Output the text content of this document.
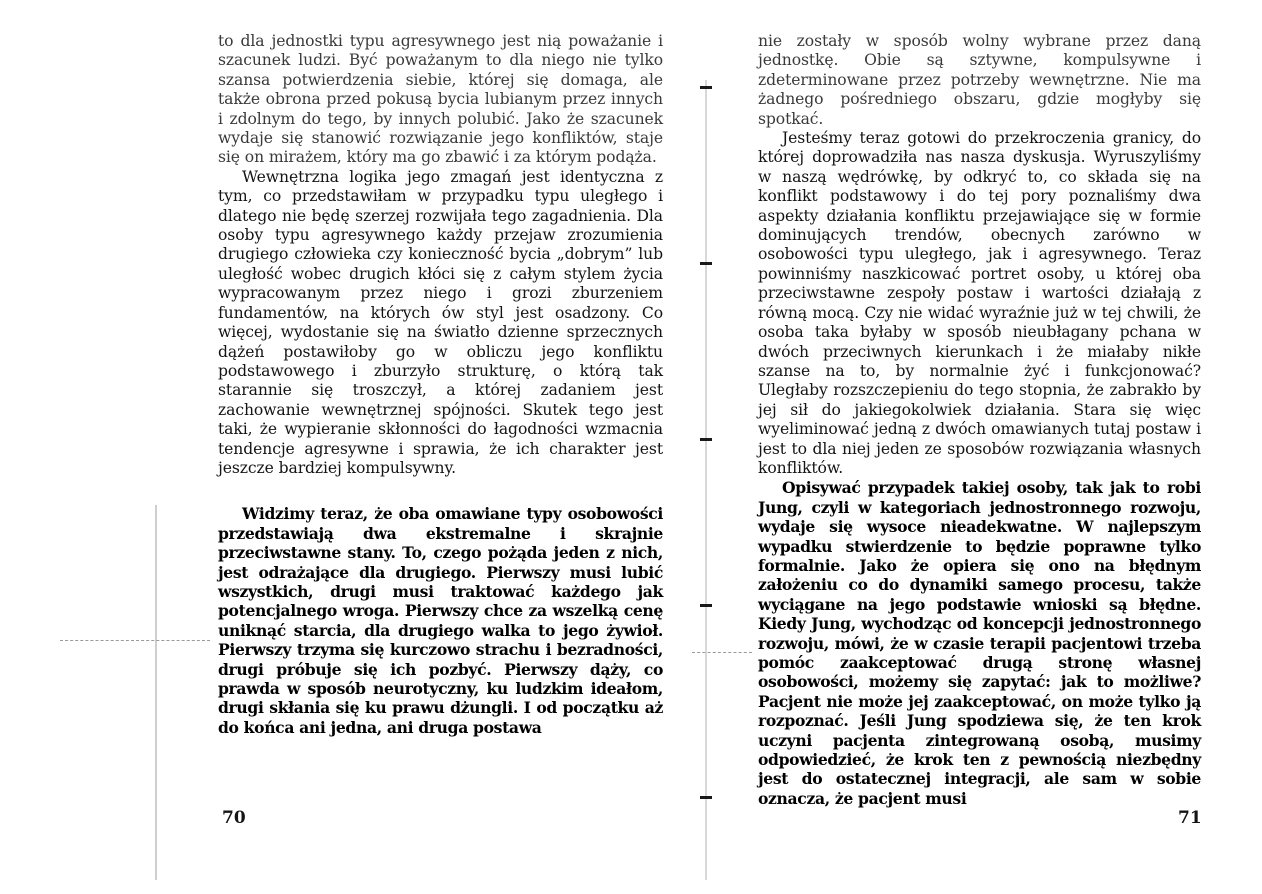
to dla jednostki typu agresywnego jest nią poważanie i szacunek ludzi. Być poważanym to dla niego nie tylko szansa potwierdzenia siebie, której się domaga, ale także obrona przed pokusą bycia lubianym przez innych i zdolnym do tego, by innych polubić. Jako że szacunek wydaje się stanowić rozwiązanie jego konfliktów, staje się on mirażem, który ma go zbawić i za którym podąża.

Wewnętrzna logika jego zmagań jest identyczna z tym, co przedstawiłam w przypadku typu uległego i dlatego nie będę szerzej rozwijała tego zagadnienia. Dla osoby typu agresywnego każdy przejaw zrozumienia drugiego człowieka czy konieczność bycia „dobrym” lub uległość wobec drugich kłóci się z całym stylem życia wypracowanym przez niego i grozi zburzeniem fundamentów, na których ów styl jest osadzony. Co więcej, wydostanie się na światło dzienne sprzecznych dążeń postawiłoby go w obliczu jego konfliktu podstawowego i zburzyło strukturę, o którą tak starannie się troszczył, a której zadaniem jest zachowanie wewnętrznej spójności. Skutek tego jest taki, że wypieranie skłonności do łagodności wzmacnia tendencje agresywne i sprawia, że ich charakter jest jeszcze bardziej kompulsywny.

Widzimy teraz, że oba omawiane typy osobowości przedstawiają dwa ekstremalne i skrajnie przeciwstawne stany. To, czego pożąda jeden z nich, jest odrażające dla drugiego. Pierwszy musi lubić wszystkich, drugi musi traktować każdego jak potencjalnego wroga. Pierwszy chce za wszelką cenę uniknąć starcia, dla drugiego walka to jego żywioł. Pierwszy trzyma się kurczowo strachu i bezradności, drugi próbuje się ich pozbyć. Pierwszy dąży, co prawda w sposób neurotyczny, ku ludzkim ideałom, drugi skłania się ku prawu dżungli. I od początku aż do końca ani jedna, ani druga postawa

70

nie zostały w sposób wolny wybrane przez daną jednostkę. Obie są sztywne, kompulsywne i zdeterminowane przez potrzeby wewnętrzne. Nie ma żadnego pośredniego obszaru, gdzie mogłyby się spotkać.

Jesteśmy teraz gotowi do przekroczenia granicy, do której doprowadziła nas nasza dyskusja. Wyruszyliśmy w naszą wędrówkę, by odkryć to, co składa się na konflikt podstawowy i do tej pory poznaliśmy dwa aspekty działania konfliktu przejawiające się w formie dominujących trendów, obecnych zarówno w osobowości typu uległego, jak i agresywnego. Teraz powinniśmy naszkicować portret osoby, u której oba przeciwstawne zespoły postaw i wartości działają z równą mocą. Czy nie widać wyraźnie już w tej chwili, że osoba taka byłaby w sposób nieubłagany pchana w dwóch przeciwnych kierunkach i że miałaby nikłe szanse na to, by normalnie żyć i funkcjonować? Uległaby rozszczepieniu do tego stopnia, że zabrakło by jej sił do jakiegokolwiek działania. Stara się więc wyeliminować jedną z dwóch omawianych tutaj postaw i jest to dla niej jeden ze sposobów rozwiązania własnych konfliktów.

Opisywać przypadek takiej osoby, tak jak to robi Jung, czyli w kategoriach jednostronnego rozwoju, wydaje się wysoce nieadekwatne. W najlepszym wypadku stwierdzenie to będzie poprawne tylko formalnie. Jako że opiera się ono na błędnym założeniu co do dynamiki samego procesu, także wyciągane na jego podstawie wnioski są błędne. Kiedy Jung, wychodząc od koncepcji jednostronnego rozwoju, mówi, że w czasie terapii pacjentowi trzeba pomóc zaakceptować drugą stronę własnej osobowości, możemy się zapytać: jak to możliwe? Pacjent nie może jej zaakceptować, on może tylko ją rozpoznać. Jeśli Jung spodziewa się, że ten krok uczyni pacjenta zintegrowaną osobą, musimy odpowiedzieć, że krok ten z pewnością niezbędny jest do ostatecznej integracji, ale sam w sobie oznacza, że pacjent musi

71
